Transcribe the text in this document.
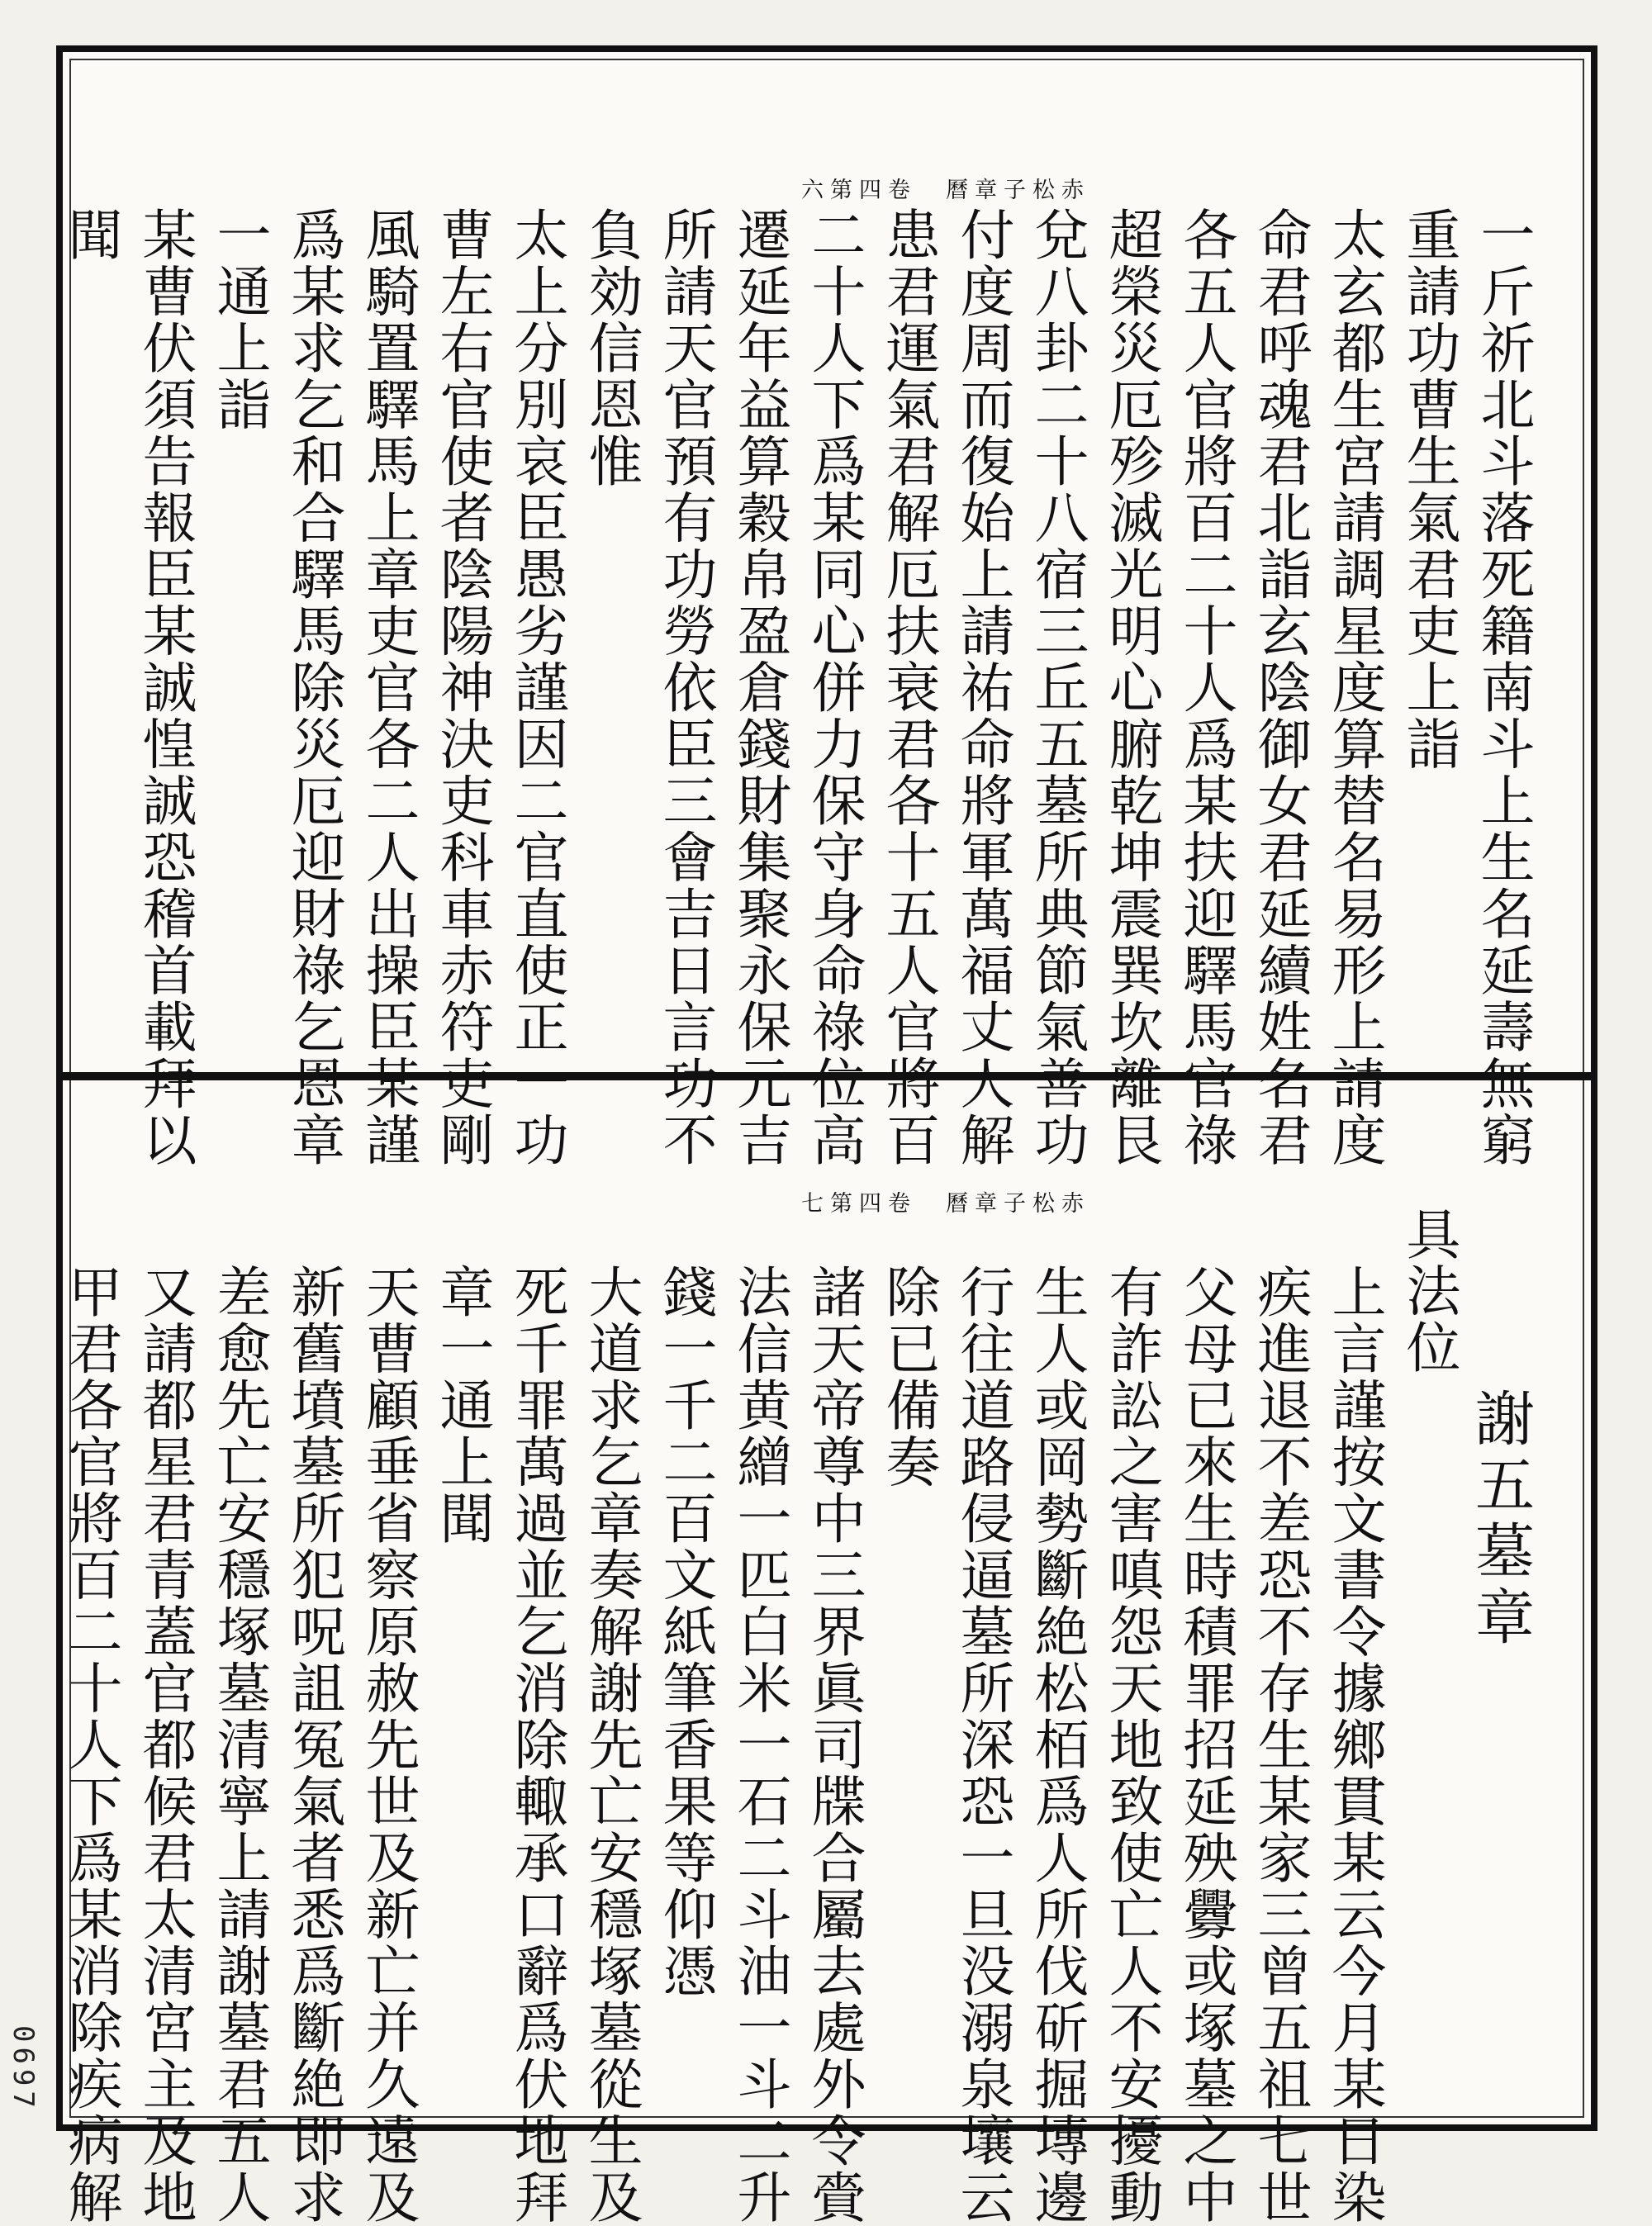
0697
赤松子章曆　卷四第六
一斤祈北斗落死籍南斗上生名延壽無窮
重請功曹生氣君吏上詣
太玄都生宮請調星度算替名易形上請度
命君呼魂君北詣玄陰御女君延續姓名君
各五人官將百二十人爲某扶迎驛馬官祿
超榮災厄殄滅光明心腑乾坤震巽坎離艮
兌八卦二十八宿三丘五墓所典節氣善功
付度周而復始上請祐命將軍萬福丈人解
患君運氣君解厄扶衰君各十五人官將百
二十人下爲某同心併力保守身命祿位高
遷延年益算穀帛盈倉錢財集聚永保元吉
所請天官預有功勞依臣三會吉日言功不
負効信恩惟
太上分別哀臣愚劣謹因二官直使正一功
曹左右官使者陰陽神決吏科車赤符吏剛
風騎置驛馬上章吏官各二人出操臣某謹
爲某求乞和合驛馬除災厄迎財祿乞恩章
一通上詣
某曹伏須告報臣某誠惶誠恐稽首載拜以
聞
赤松子章曆　卷四第七
謝五墓章
具法位
上言謹按文書令據鄉貫某云今月某日染
疾進退不差恐不存生某家三曾五祖七世
父母已來生時積罪招延殃釁或塚墓之中
有詐訟之害嗔怨天地致使亡人不安擾動
生人或岡勢斷絶松栢爲人所伐斫掘塼邊
行往道路侵逼墓所深恐一旦没溺泉壤云
除已備奏
諸天帝尊中三界眞司牒合屬去處外令賫
法信黄繒一匹白米一石二斗油一斗二升
錢一千二百文紙筆香果等仰憑
大道求乞章奏解謝先亡安穩塚墓從生及
死千罪萬過並乞消除輙承口辭爲伏地拜
章一通上聞
天曹顧垂省察原赦先世及新亡并久遠及
新舊墳墓所犯呪詛冤氣者悉爲斷絶即求
差愈先亡安穩塚墓清寧上請謝墓君五人
又請都星君青蓋官都候君太清宮主及地
甲君各官將百二十人下爲某消除疾病解
